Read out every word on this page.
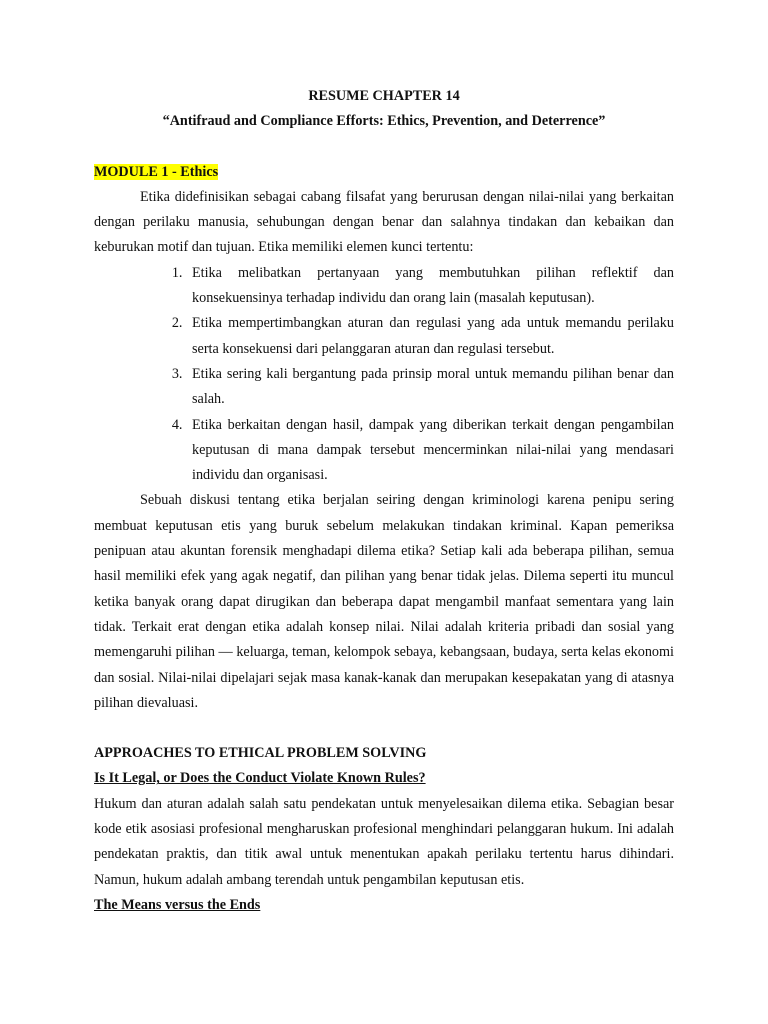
RESUME CHAPTER 14

“Antifraud and Compliance Efforts: Ethics, Prevention, and Deterrence”

MODULE 1 - Ethics

Etika didefinisikan sebagai cabang filsafat yang berurusan dengan nilai-nilai yang berkaitan dengan perilaku manusia, sehubungan dengan benar dan salahnya tindakan dan kebaikan dan keburukan motif dan tujuan. Etika memiliki elemen kunci tertentu:

1. Etika melibatkan pertanyaan yang membutuhkan pilihan reflektif dan konsekuensinya terhadap individu dan orang lain (masalah keputusan).
2. Etika mempertimbangkan aturan dan regulasi yang ada untuk memandu perilaku serta konsekuensi dari pelanggaran aturan dan regulasi tersebut.
3. Etika sering kali bergantung pada prinsip moral untuk memandu pilihan benar dan salah.
4. Etika berkaitan dengan hasil, dampak yang diberikan terkait dengan pengambilan keputusan di mana dampak tersebut mencerminkan nilai-nilai yang mendasari individu dan organisasi.

Sebuah diskusi tentang etika berjalan seiring dengan kriminologi karena penipu sering membuat keputusan etis yang buruk sebelum melakukan tindakan kriminal. Kapan pemeriksa penipuan atau akuntan forensik menghadapi dilema etika? Setiap kali ada beberapa pilihan, semua hasil memiliki efek yang agak negatif, dan pilihan yang benar tidak jelas. Dilema seperti itu muncul ketika banyak orang dapat dirugikan dan beberapa dapat mengambil manfaat sementara yang lain tidak. Terkait erat dengan etika adalah konsep nilai. Nilai adalah kriteria pribadi dan sosial yang memengaruhi pilihan — keluarga, teman, kelompok sebaya, kebangsaan, budaya, serta kelas ekonomi dan sosial. Nilai-nilai dipelajari sejak masa kanak-kanak dan merupakan kesepakatan yang di atasnya pilihan dievaluasi.

APPROACHES TO ETHICAL PROBLEM SOLVING

Is It Legal, or Does the Conduct Violate Known Rules?

Hukum dan aturan adalah salah satu pendekatan untuk menyelesaikan dilema etika. Sebagian besar kode etik asosiasi profesional mengharuskan profesional menghindari pelanggaran hukum. Ini adalah pendekatan praktis, dan titik awal untuk menentukan apakah perilaku tertentu harus dihindari. Namun, hukum adalah ambang terendah untuk pengambilan keputusan etis.

The Means versus the Ends
